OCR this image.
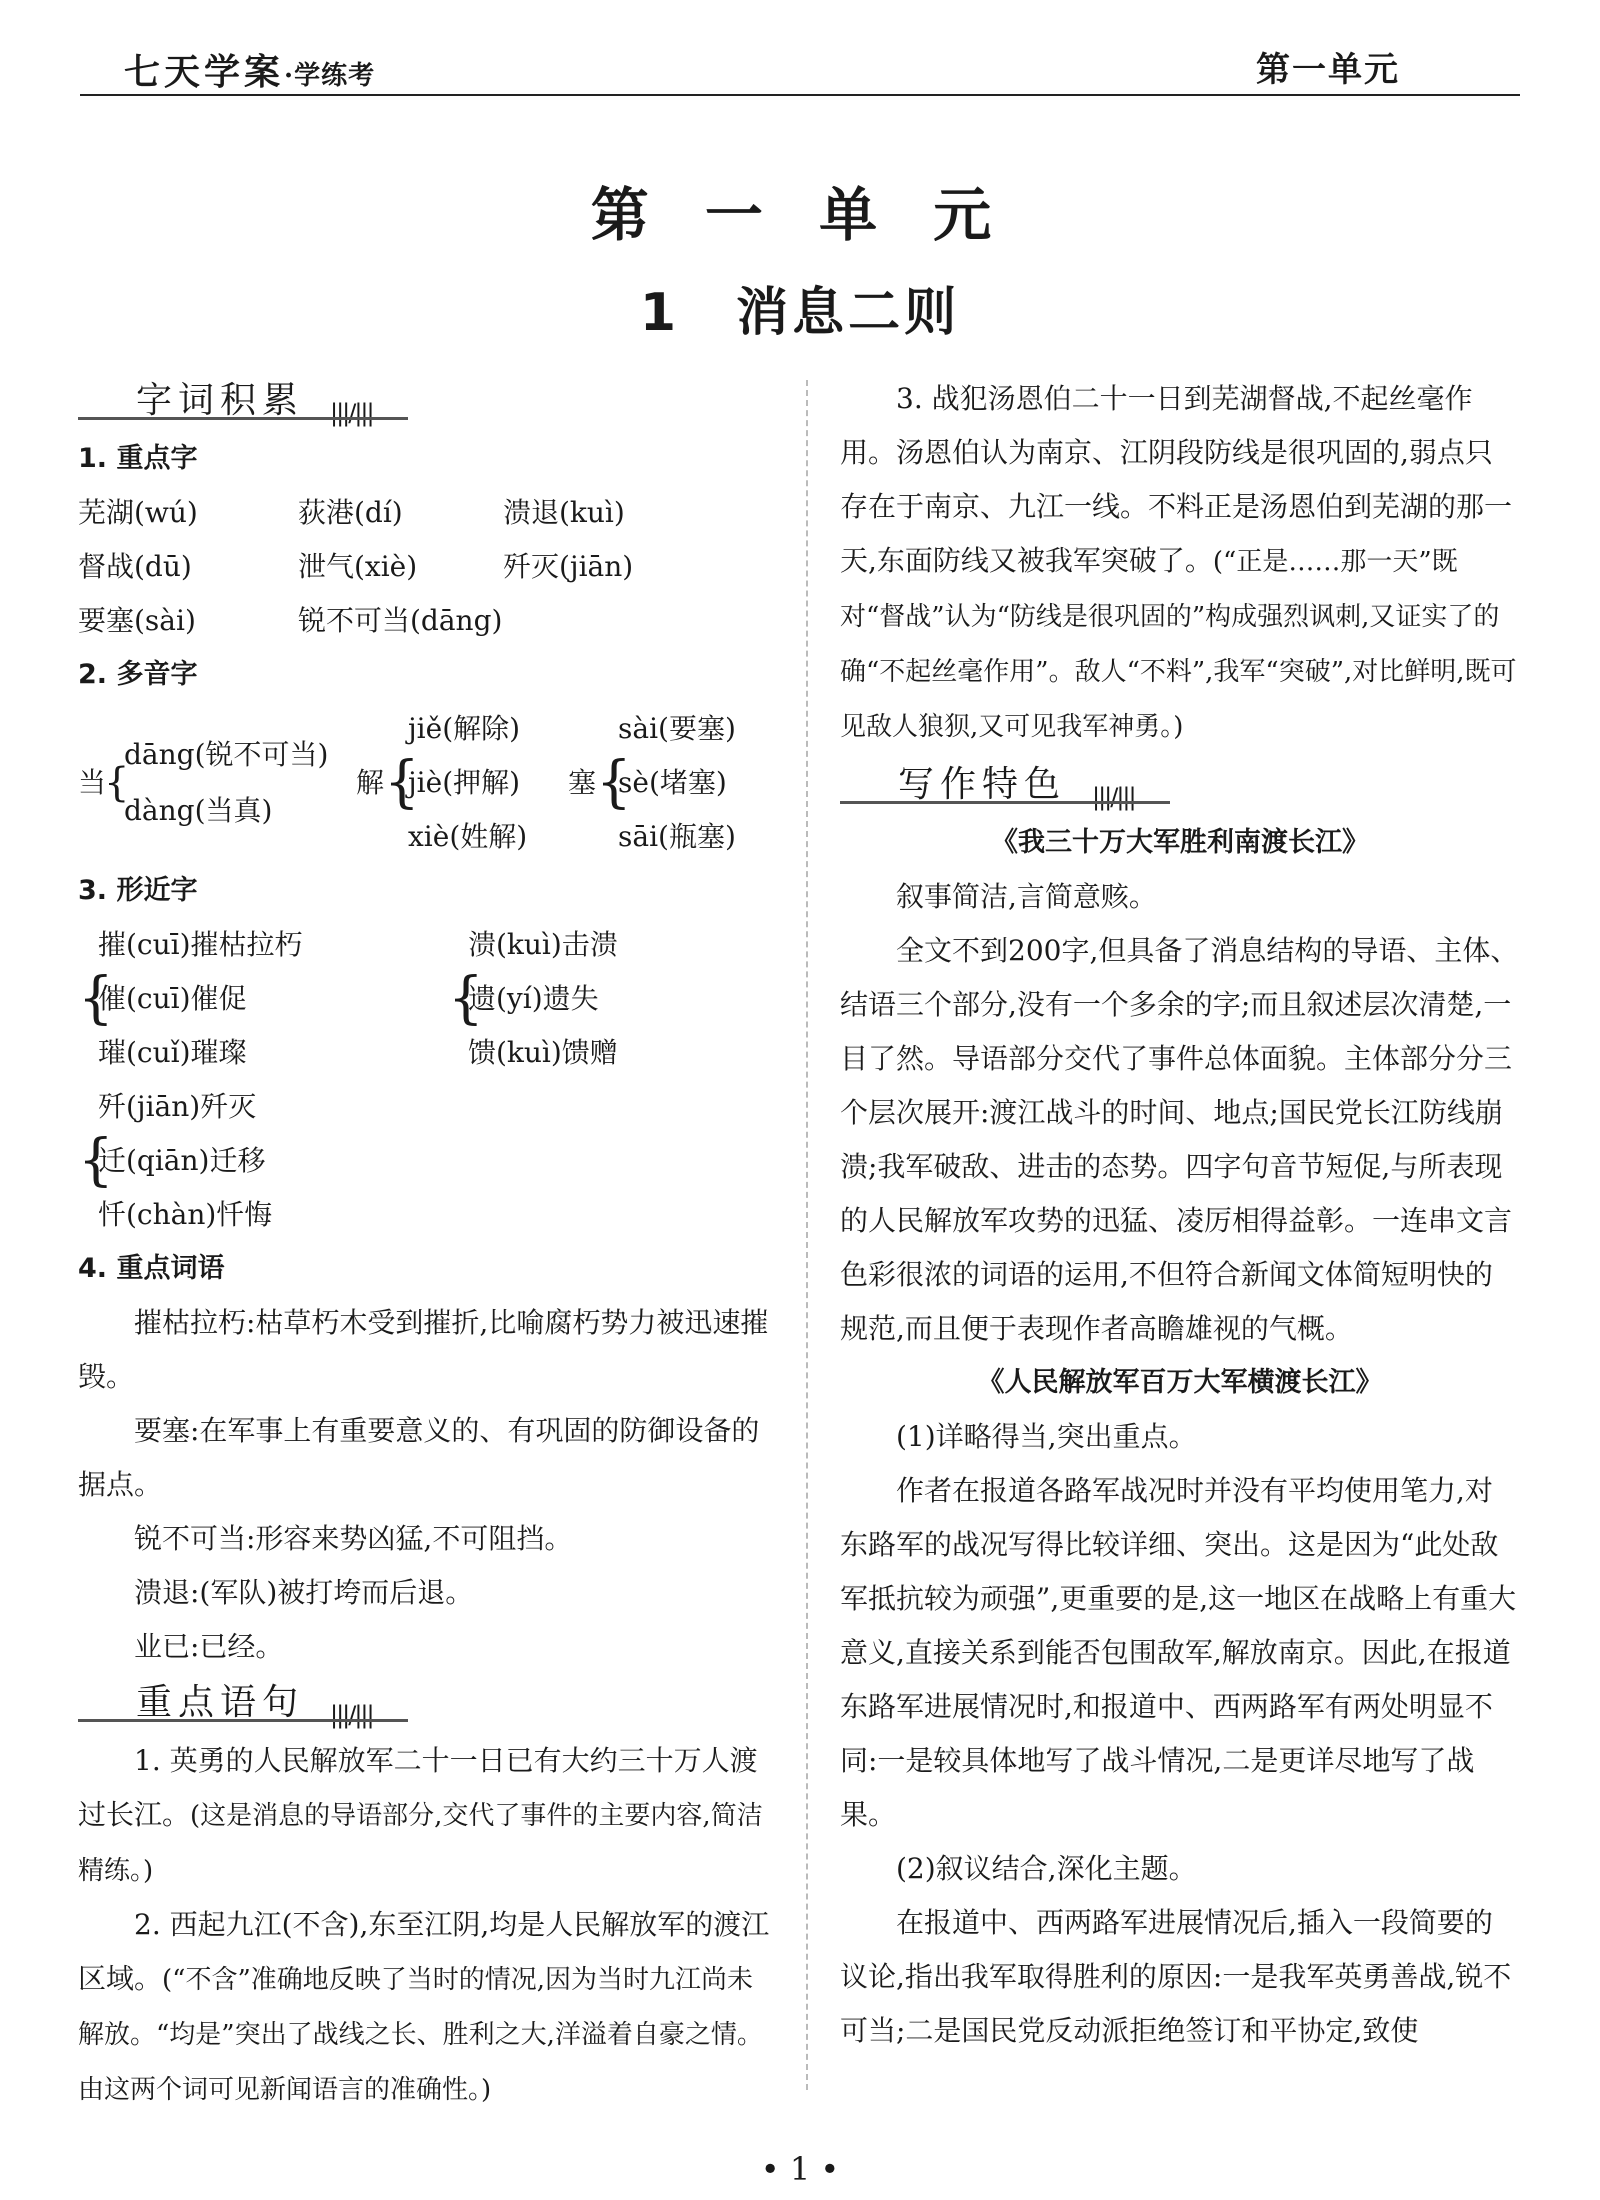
七天学案·学练考	第一单元
第 一 单 元
1　消息二则
字词积累 |||/|||
1. 重点字
芜湖(wú)	荻港(dí)	溃退(kuì)
督战(dū)	泄气(xiè)	歼灭(jiān)
要塞(sài)	锐不可当(dāng)
2. 多音字
当
{
dāng(锐不可当)
dàng(当真)
解 {
jiě(解除)
jiè(押解)
xiè(姓解)
塞 {
sài(要塞)
sè(堵塞)
sāi(瓶塞)
3. 形近字
{
摧(cuī)摧枯拉朽
催(cuī)催促
璀(cuǐ)璀璨
{
溃(kuì)击溃
遗(yí)遗失
馈(kuì)馈赠
{
歼(jiān)歼灭
迁(qiān)迁移
忏(chàn)忏悔
4. 重点词语

摧枯拉朽:枯草朽木受到摧折,比喻腐朽势力被迅速摧毁。

要塞:在军事上有重要意义的、有巩固的防御设备的据点。

锐不可当:形容来势凶猛,不可阻挡。

溃退:(军队)被打垮而后退。

业已:已经。

重点语句 |||/|||

1. 英勇的人民解放军二十一日已有大约三十万人渡过长江。(这是消息的导语部分,交代了事件的主要内容,简洁精练。)

2. 西起九江(不含),东至江阴,均是人民解放军的渡江区域。(“不含”准确地反映了当时的情况,因为当时九江尚未解放。“均是”突出了战线之长、胜利之大,洋溢着自豪之情。由这两个词可见新闻语言的准确性。)

3. 战犯汤恩伯二十一日到芜湖督战,不起丝毫作用。汤恩伯认为南京、江阴段防线是很巩固的,弱点只存在于南京、九江一线。不料正是汤恩伯到芜湖的那一天,东面防线又被我军突破了。(“正是……那一天”既对“督战”认为“防线是很巩固的”构成强烈讽刺,又证实了的确“不起丝毫作用”。敌人“不料”,我军“突破”,对比鲜明,既可见敌人狼狈,又可见我军神勇。)

写作特色 |||/|||
《我三十万大军胜利南渡长江》

叙事简洁,言简意赅。

全文不到200字,但具备了消息结构的导语、主体、结语三个部分,没有一个多余的字;而且叙述层次清楚,一目了然。导语部分交代了事件总体面貌。主体部分分三个层次展开:渡江战斗的时间、地点;国民党长江防线崩溃;我军破敌、进击的态势。四字句音节短促,与所表现的人民解放军攻势的迅猛、凌厉相得益彰。一连串文言色彩很浓的词语的运用,不但符合新闻文体简短明快的规范,而且便于表现作者高瞻雄视的气概。

《人民解放军百万大军横渡长江》

(1)详略得当,突出重点。

作者在报道各路军战况时并没有平均使用笔力,对东路军的战况写得比较详细、突出。这是因为“此处敌军抵抗较为顽强”,更重要的是,这一地区在战略上有重大意义,直接关系到能否包围敌军,解放南京。因此,在报道东路军进展情况时,和报道中、西两路军有两处明显不同:一是较具体地写了战斗情况,二是更详尽地写了战果。

(2)叙议结合,深化主题。

在报道中、西两路军进展情况后,插入一段简要的议论,指出我军取得胜利的原因:一是我军英勇善战,锐不可当;二是国民党反动派拒绝签订和平协定,致使

• 1 •
